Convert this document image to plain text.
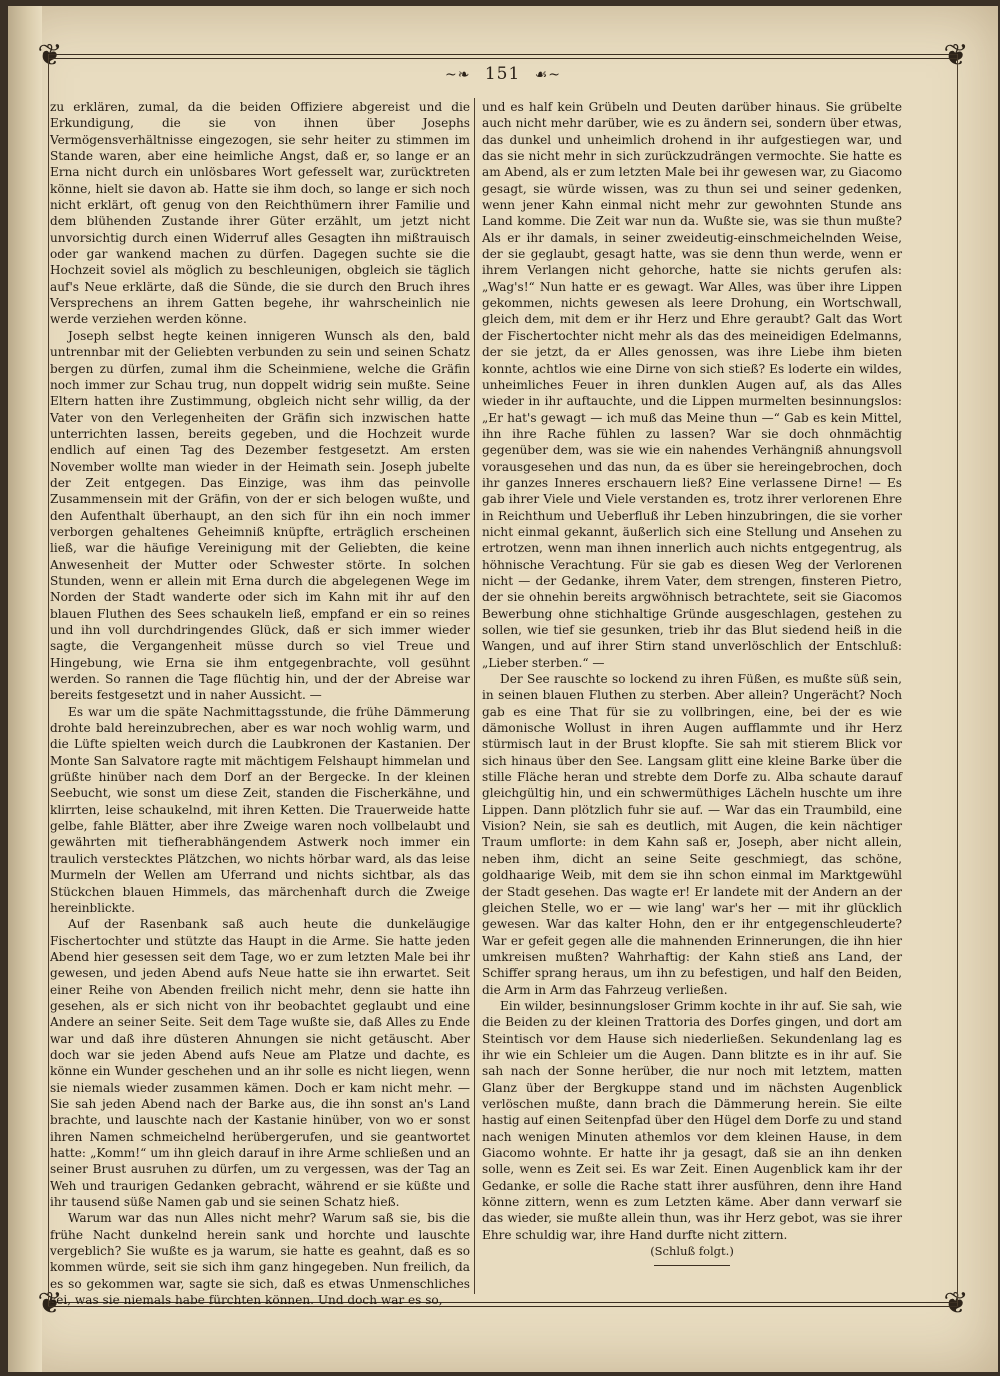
❦	❦
❦	❦
~❧ 151 ☙~

zu erklären, zumal, da die beiden Offiziere abgereist und die Erkundigung, die sie von ihnen über Josephs Vermögensverhältnisse eingezogen, sie sehr heiter zu stimmen im Stande waren, aber eine heimliche Angst, daß er, so lange er an Erna nicht durch ein unlösbares Wort gefesselt war, zurücktreten könne, hielt sie davon ab. Hatte sie ihm doch, so lange er sich noch nicht erklärt, oft genug von den Reichthümern ihrer Familie und dem blühenden Zustande ihrer Güter erzählt, um jetzt nicht unvorsichtig durch einen Widerruf alles Gesagten ihn mißtrauisch oder gar wankend machen zu dürfen. Dagegen suchte sie die Hochzeit soviel als möglich zu beschleunigen, obgleich sie täglich auf's Neue erklärte, daß die Sünde, die sie durch den Bruch ihres Versprechens an ihrem Gatten begehe, ihr wahrscheinlich nie werde verziehen werden könne.

Joseph selbst hegte keinen innigeren Wunsch als den, bald untrennbar mit der Geliebten verbunden zu sein und seinen Schatz bergen zu dürfen, zumal ihm die Scheinmiene, welche die Gräfin noch immer zur Schau trug, nun doppelt widrig sein mußte. Seine Eltern hatten ihre Zustimmung, obgleich nicht sehr willig, da der Vater von den Verlegenheiten der Gräfin sich inzwischen hatte unterrichten lassen, bereits gegeben, und die Hochzeit wurde endlich auf einen Tag des Dezember festgesetzt. Am ersten November wollte man wieder in der Heimath sein. Joseph jubelte der Zeit entgegen. Das Einzige, was ihm das peinvolle Zusammensein mit der Gräfin, von der er sich belogen wußte, und den Aufenthalt überhaupt, an den sich für ihn ein noch immer verborgen gehaltenes Geheimniß knüpfte, erträglich erscheinen ließ, war die häufige Vereinigung mit der Geliebten, die keine Anwesenheit der Mutter oder Schwester störte. In solchen Stunden, wenn er allein mit Erna durch die abgelegenen Wege im Norden der Stadt wanderte oder sich im Kahn mit ihr auf den blauen Fluthen des Sees schaukeln ließ, empfand er ein so reines und ihn voll durchdringendes Glück, daß er sich immer wieder sagte, die Vergangenheit müsse durch so viel Treue und Hingebung, wie Erna sie ihm entgegenbrachte, voll gesühnt werden. So rannen die Tage flüchtig hin, und der der Abreise war bereits festgesetzt und in naher Aussicht. —

Es war um die späte Nachmittagsstunde, die frühe Dämmerung drohte bald hereinzubrechen, aber es war noch wohlig warm, und die Lüfte spielten weich durch die Laubkronen der Kastanien. Der Monte San Salvatore ragte mit mächtigem Felshaupt himmelan und grüßte hinüber nach dem Dorf an der Bergecke. In der kleinen Seebucht, wie sonst um diese Zeit, standen die Fischerkähne, und klirrten, leise schaukelnd, mit ihren Ketten. Die Trauerweide hatte gelbe, fahle Blätter, aber ihre Zweige waren noch vollbelaubt und gewährten mit tiefherabhängendem Astwerk noch immer ein traulich verstecktes Plätzchen, wo nichts hörbar ward, als das leise Murmeln der Wellen am Uferrand und nichts sichtbar, als das Stückchen blauen Himmels, das märchenhaft durch die Zweige hereinblickte.

Auf der Rasenbank saß auch heute die dunkeläugige Fischertochter und stützte das Haupt in die Arme. Sie hatte jeden Abend hier gesessen seit dem Tage, wo er zum letzten Male bei ihr gewesen, und jeden Abend aufs Neue hatte sie ihn erwartet. Seit einer Reihe von Abenden freilich nicht mehr, denn sie hatte ihn gesehen, als er sich nicht von ihr beobachtet geglaubt und eine Andere an seiner Seite. Seit dem Tage wußte sie, daß Alles zu Ende war und daß ihre düsteren Ahnungen sie nicht getäuscht. Aber doch war sie jeden Abend aufs Neue am Platze und dachte, es könne ein Wunder geschehen und an ihr solle es nicht liegen, wenn sie niemals wieder zusammen kämen. Doch er kam nicht mehr. — Sie sah jeden Abend nach der Barke aus, die ihn sonst an's Land brachte, und lauschte nach der Kastanie hinüber, von wo er sonst ihren Namen schmeichelnd herübergerufen, und sie geantwortet hatte: „Komm!“ um ihn gleich darauf in ihre Arme schließen und an seiner Brust ausruhen zu dürfen, um zu vergessen, was der Tag an Weh und traurigen Gedanken gebracht, während er sie küßte und ihr tausend süße Namen gab und sie seinen Schatz hieß.

Warum war das nun Alles nicht mehr? Warum saß sie, bis die frühe Nacht dunkelnd herein sank und horchte und lauschte vergeblich? Sie wußte es ja warum, sie hatte es geahnt, daß es so kommen würde, seit sie sich ihm ganz hingegeben. Nun freilich, da es so gekommen war, sagte sie sich, daß es etwas Unmenschliches sei, was sie niemals habe fürchten können. Und doch war es so,

und es half kein Grübeln und Deuten darüber hinaus. Sie grübelte auch nicht mehr darüber, wie es zu ändern sei, sondern über etwas, das dunkel und unheimlich drohend in ihr aufgestiegen war, und das sie nicht mehr in sich zurückzudrängen vermochte. Sie hatte es am Abend, als er zum letzten Male bei ihr gewesen war, zu Giacomo gesagt, sie würde wissen, was zu thun sei und seiner gedenken, wenn jener Kahn einmal nicht mehr zur gewohnten Stunde ans Land komme. Die Zeit war nun da. Wußte sie, was sie thun mußte? Als er ihr damals, in seiner zweideutig-einschmeichelnden Weise, der sie geglaubt, gesagt hatte, was sie denn thun werde, wenn er ihrem Verlangen nicht gehorche, hatte sie nichts gerufen als: „Wag's!“ Nun hatte er es gewagt. War Alles, was über ihre Lippen gekommen, nichts gewesen als leere Drohung, ein Wortschwall, gleich dem, mit dem er ihr Herz und Ehre geraubt? Galt das Wort der Fischertochter nicht mehr als das des meineidigen Edelmanns, der sie jetzt, da er Alles genossen, was ihre Liebe ihm bieten konnte, achtlos wie eine Dirne von sich stieß? Es loderte ein wildes, unheimliches Feuer in ihren dunklen Augen auf, als das Alles wieder in ihr auftauchte, und die Lippen murmelten besinnungslos: „Er hat's gewagt — ich muß das Meine thun —“ Gab es kein Mittel, ihn ihre Rache fühlen zu lassen? War sie doch ohnmächtig gegenüber dem, was sie wie ein nahendes Verhängniß ahnungsvoll vorausgesehen und das nun, da es über sie hereingebrochen, doch ihr ganzes Inneres erschauern ließ? Eine verlassene Dirne! — Es gab ihrer Viele und Viele verstanden es, trotz ihrer verlorenen Ehre in Reichthum und Ueberfluß ihr Leben hinzubringen, die sie vorher nicht einmal gekannt, äußerlich sich eine Stellung und Ansehen zu ertrotzen, wenn man ihnen innerlich auch nichts entgegentrug, als höhnische Verachtung. Für sie gab es diesen Weg der Verlorenen nicht — der Gedanke, ihrem Vater, dem strengen, finsteren Pietro, der sie ohnehin bereits argwöhnisch betrachtete, seit sie Giacomos Bewerbung ohne stichhaltige Gründe ausgeschlagen, gestehen zu sollen, wie tief sie gesunken, trieb ihr das Blut siedend heiß in die Wangen, und auf ihrer Stirn stand unverlöschlich der Entschluß: „Lieber sterben.“ —

Der See rauschte so lockend zu ihren Füßen, es mußte süß sein, in seinen blauen Fluthen zu sterben. Aber allein? Ungerächt? Noch gab es eine That für sie zu vollbringen, eine, bei der es wie dämonische Wollust in ihren Augen aufflammte und ihr Herz stürmisch laut in der Brust klopfte. Sie sah mit stierem Blick vor sich hinaus über den See. Langsam glitt eine kleine Barke über die stille Fläche heran und strebte dem Dorfe zu. Alba schaute darauf gleichgültig hin, und ein schwermüthiges Lächeln huschte um ihre Lippen. Dann plötzlich fuhr sie auf. — War das ein Traumbild, eine Vision? Nein, sie sah es deutlich, mit Augen, die kein nächtiger Traum umflorte: in dem Kahn saß er, Joseph, aber nicht allein, neben ihm, dicht an seine Seite geschmiegt, das schöne, goldhaarige Weib, mit dem sie ihn schon einmal im Marktgewühl der Stadt gesehen. Das wagte er! Er landete mit der Andern an der gleichen Stelle, wo er — wie lang' war's her — mit ihr glücklich gewesen. War das kalter Hohn, den er ihr entgegenschleuderte? War er gefeit gegen alle die mahnenden Erinnerungen, die ihn hier umkreisen mußten? Wahrhaftig: der Kahn stieß ans Land, der Schiffer sprang heraus, um ihn zu befestigen, und half den Beiden, die Arm in Arm das Fahrzeug verließen.

Ein wilder, besinnungsloser Grimm kochte in ihr auf. Sie sah, wie die Beiden zu der kleinen Trattoria des Dorfes gingen, und dort am Steintisch vor dem Hause sich niederließen. Sekundenlang lag es ihr wie ein Schleier um die Augen. Dann blitzte es in ihr auf. Sie sah nach der Sonne herüber, die nur noch mit letztem, matten Glanz über der Bergkuppe stand und im nächsten Augenblick verlöschen mußte, dann brach die Dämmerung herein. Sie eilte hastig auf einen Seitenpfad über den Hügel dem Dorfe zu und stand nach wenigen Minuten athemlos vor dem kleinen Hause, in dem Giacomo wohnte. Er hatte ihr ja gesagt, daß sie an ihn denken solle, wenn es Zeit sei. Es war Zeit. Einen Augenblick kam ihr der Gedanke, er solle die Rache statt ihrer ausführen, denn ihre Hand könne zittern, wenn es zum Letzten käme. Aber dann verwarf sie das wieder, sie mußte allein thun, was ihr Herz gebot, was sie ihrer Ehre schuldig war, ihre Hand durfte nicht zittern.

(Schluß folgt.)
